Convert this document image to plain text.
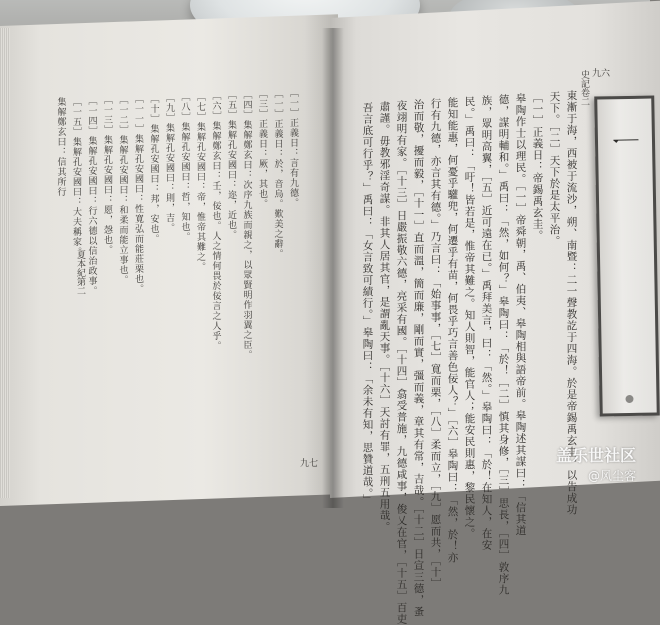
夏本紀第二
九七
［一］正義日：言有九德。
［一］正義日：於，音烏。歎美之辭。
［三］正義日：厥，其也。
［四］集解鄭玄曰：次序九族而親之，以眾賢明作羽翼之臣。
［五］集解孔安國曰：迩，近也。
［六］集解鄭玄曰：壬，佞也。人之情何畏於佞言之人乎。
［七］集解孔安國曰：帝，惟帝其難之。
［八］集解孔安國曰：哲，知也。
［九］集解孔安國曰：則，吉。
［十］集解孔安國曰：邦，安也。
［一一］集解孔安國曰：性寬弘而能莊栗也。
［一二］集解孔安國曰：和柔而能立事也。
［一三］集解孔安國曰：愿，愨也。
［一四］集解孔安國曰：行六德以信治政事。
［一五］集解孔安國曰：大夫稱家。
集解鄭玄曰：信其所行
史記卷二 九六
東漸于海，西被于流沙，朔、南暨：二一聲教訖于四海。於是帝錫禹玄圭，以告成功
天下。［二］天下於是太平治。
［一］正義日：帝錫禹玄圭。
皋陶作士以理民。［一］帝舜朝，禹、伯夷、皋陶相與語帝前。皋陶述其謀曰：「信其道
德，謀明輔和。」禹曰：「然，如何？」皋陶曰：「於！［二］慎其身修，［三］思長，［四］敦序九
族，眾明高翼，［五］近可遠在已。」禹拜美言，曰：「然。」皋陶曰：「於！在知人，在安
民。」禹曰：「吁！皆若是，惟帝其難之。知人則智，能官人；能安民則惠，黎民懷之。
能知能惠，何憂乎驩兜，何遷乎有苗，何畏乎巧言善色佞人？」［六］皋陶曰：「然，於！亦
行有九德，亦言其有德。」乃言曰：「始事事，［七］寬而栗，［八］柔而立，［九］愿而共，［十］
治而敬，擾而毅，［十一］直而溫，簡而廉，剛而實，彊而義，章其有常，吉哉。［十二］日宣三德，蚤
夜翊明有家。［十三］日嚴振敬六德，亮采有國。［十四］翕受普施，九德咸事，俊乂在官，［十五］百吏
肅謹。毋教邪淫奇謀。非其人居其官，是謂亂天事。［十六］天討有罪，五刑五用哉。
吾言底可行乎？」禹曰：「女言致可績行。」皋陶曰：「余未有知，思贊道哉。」	一
盖乐世社区
@风尘客
